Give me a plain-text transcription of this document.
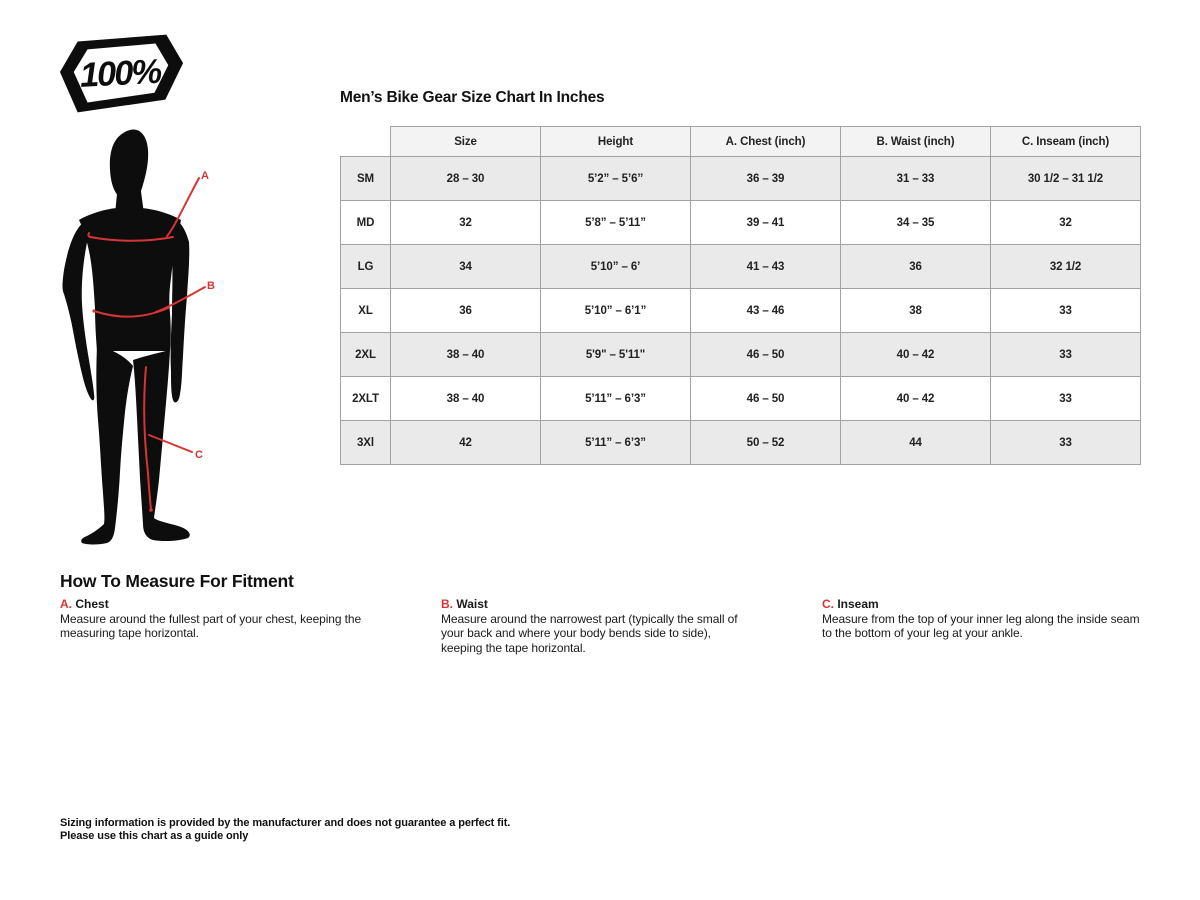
100%
A
B
C
Men’s Bike Gear Size Chart In Inches
	Size	Height	A. Chest (inch)	B. Waist (inch)	C. Inseam (inch)
SM	28 – 30	5’2” – 5’6’’	36 – 39	31 – 33	30 1/2 – 31 1/2
MD	32	5’8” – 5’11”	39 – 41	34 – 35	32
LG	34	5’10” – 6’	41 – 43	36	32 1/2
XL	36	5’10” – 6’1”	43 – 46	38	33
2XL	38 – 40	5'9" – 5'11"	46 – 50	40 – 42	33
2XLT	38 – 40	5’11” – 6’3”	46 – 50	40 – 42	33
3Xl	42	5’11” – 6’3”	50 – 52	44	33
How To Measure For Fitment
A. Chest

Measure around the fullest part of your chest, keeping the measuring tape horizontal.

B. Waist

Measure around the narrowest part (typically the small of your back and where your body bends side to side), keeping the tape horizontal.

C. Inseam

Measure from the top of your inner leg along the inside seam to the bottom of your leg at your ankle.

Sizing information is provided by the manufacturer and does not guarantee a perfect fit.
Please use this chart as a guide only
